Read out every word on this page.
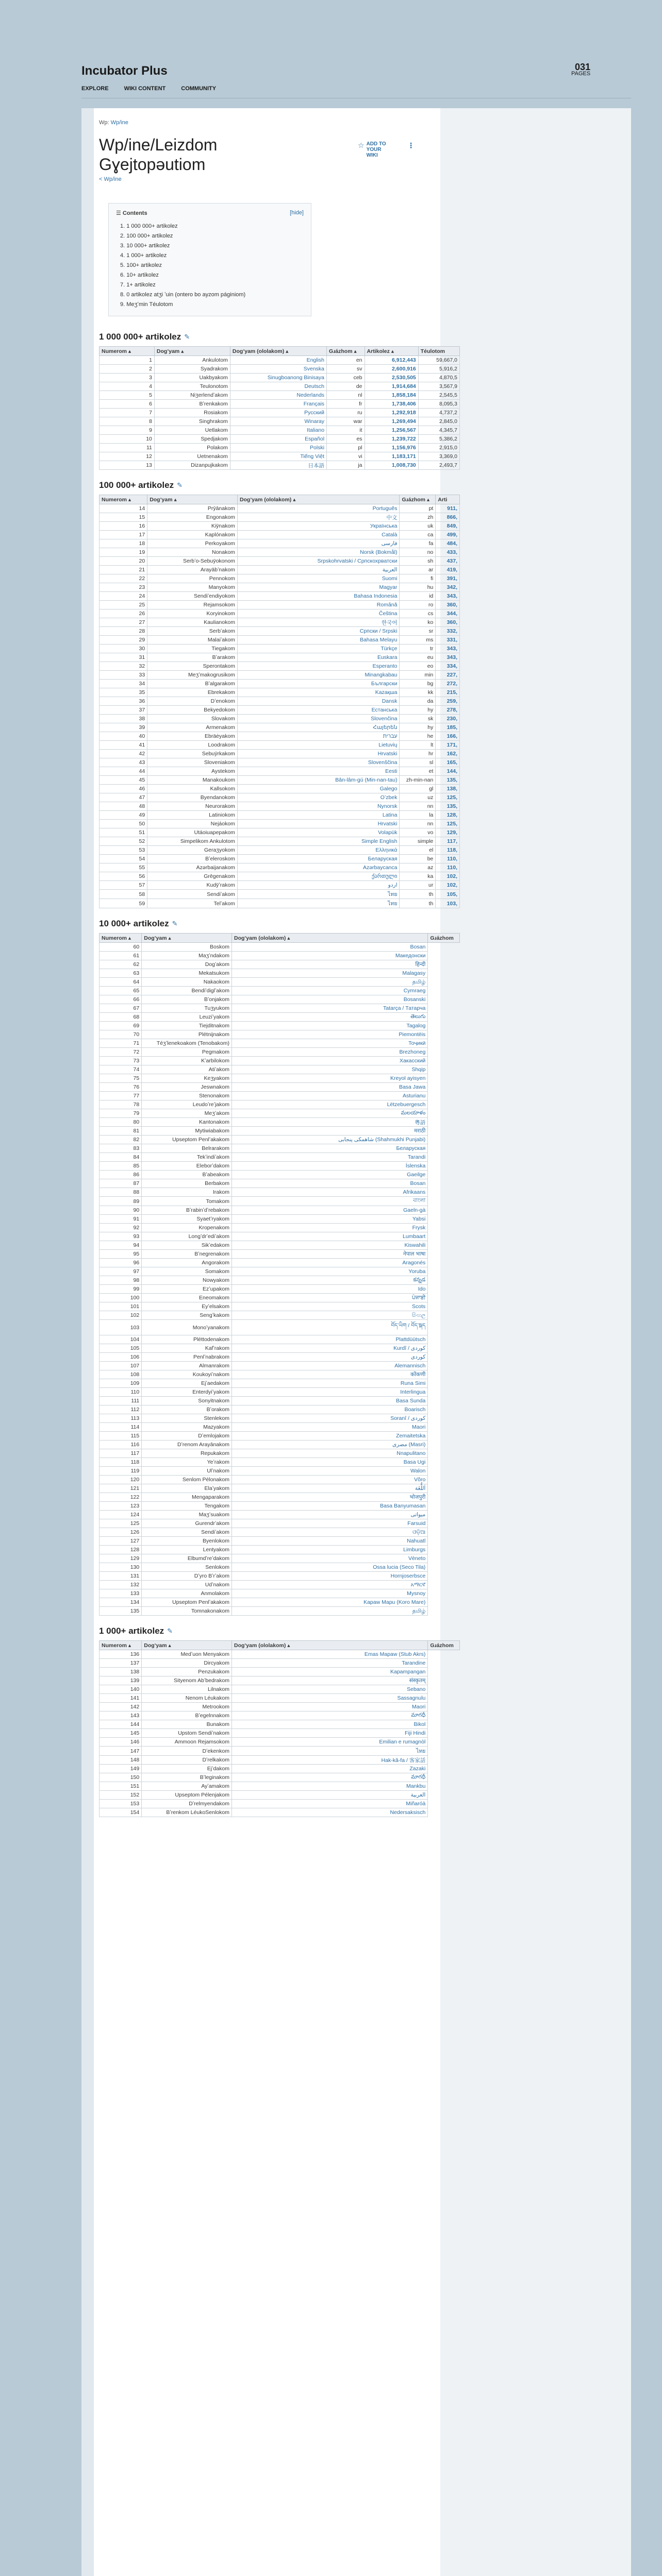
Incubator Plus
EXPLORE	WIKI CONTENT	COMMUNITY
031
PAGES
Wp: Wp/ine
Wp/ine/Leizdom Gɣejtopəutiom
< Wp/ine
☆ ADD TO YOUR WIKI
⋮
☰ Contents	[hide]
1. 1 000 000+ artikolez
2. 100 000+ artikolez
3. 10 000+ artikolez
4. 1 000+ artikolez
5. 100+ artikolez
6. 10+ artikolez
7. 1+ artikolez
8. 0 artikolez atʒi ʼuin (ontero bo ayzom páginiom)
9. Meʒʼmin Téulotom
1 000 000+ artikolez ✎
Numerom ▴	Dogʼyam ▴	Dogʼyam (ololakom) ▴	Gɹázhom ▴	Artikolez ▴	Téulotom
1	Ankulotom	English	en	6,912,443	59,667,0
2	Syadrakom	Svenska	sv	2,600,916	5,916,2
3	Uakbyakom	Sinugboanong Binisaya	ceb	2,530,505	4,870,5
4	Teulonotom	Deutsch	de	1,914,684	3,567,9
5	Niʒerlendʼakom	Nederlands	nl	1,858,184	2,545,5
6	Bʼrenkakom	Français	fr	1,738,406	8,095,3
7	Rosiakom	Русский	ru	1,292,918	4,737,2
8	Singhrakom	Winaray	war	1,269,494	2,845,0
9	Uetlakom	Italiano	it	1,256,567	4,345,7
10	Spedjakom	Español	es	1,239,722	5,386,2
11	Polakom	Polski	pl	1,156,976	2,915,0
12	Uetnenakom	Tiếng Việt	vi	1,183,171	3,369,0
13	Dizanpujkakom	日本語	ja	1,008,730	2,493,7
100 000+ artikolez ✎
Numerom ▴	Dogʼyam ▴	Dogʼyam (ololakom) ▴	Gɹázhom ▴	Arti
14	Prȳānakom	Português	pt	911,
15	Engonakom	中文	zh	866,
16	Kiȳnakom	Українська	uk	849,
17	Kaplónakom	Català	ca	499,
18	Perkoyakom	فارسی	fa	484,
19	Nonakom	Norsk (Bokmål)	no	433,
20	Serbʼo-Sebuȳokonom	Srpskohrvatski / Српскохрватски	sh	437,
21	Arayābʼnakom	العربية	ar	419,
22	Pennokom	Suomi	fi	391,
23	Manyokom	Magyar	hu	342,
24	Sendiʼendiyokom	Bahasa Indonesia	id	343,
25	Rejamsokom	Română	ro	360,
26	Koryinokom	Čeština	cs	344,
27	Kaulianokom	한국어	ko	360,
28	Serbʼakom	Српски / Srpski	sr	332,
29	Malaiʼakom	Bahasa Melayu	ms	331,
30	Tiegakom	Türkçe	tr	343,
31	Bʼarakom	Euskara	eu	343,
32	Sperontakom	Esperanto	eo	334,
33	Meʒʼmakogrusikom	Minangkabau	min	227,
34	Bʼalgarakom	Български	bg	272,
35	Ebrekakom	Kazақша	kk	215,
36	Dʼenokom	Dansk	da	259,
37	Bekyedokom	Естанська	hy	278,
38	Slovakom	Slovenčina	sk	230,
39	Armenakom	Հայերեն	hy	185,
40	Ebräėyakom	עברית	he	166,
41	Loodrakom	Lietuvių	lt	171,
42	Sebuȳrkakom	Hrvatski	hr	162,
43	Sloveniakom	Slovenščina	sl	165,
44	Aystekom	Eesti	et	144,
45	Manakoukom	Bân-lâm-gú (Min-nan-tau)	zh-min-nan	135,
46	Kallsokom	Galego	gl	138,
47	Byendanokom	Oʼzbek	uz	125,
48	Neurorakom	Nynorsk	nn	135,
49	Latiniokom	Latina	la	128,
50	Nejáokom	Hrvatski	nn	125,
51	Utáoiuapepakom	Volapük	vo	129,
52	Simpelikom Ankulotom	Simple English	simple	117,
53	Geraʒyokom	Ελληνικά	el	118,
54	Bʼeleroskom	Беларуская	be	110,
55	Azərbaijanakom	Azərbaycanca	az	110,
56	Grēgenakom	ქართული	ka	102,
57	Kudȳʼrakom	اردو	ur	102,
58	Sendiʼakom	ไทย	th	105,
59	Telʼakom	ไทย	th	103,
10 000+ artikolez ✎
Numerom ▴	Dogʼyam ▴	Dogʼyam (ololakom) ▴	Gɹázhom
60	Boskom	Bosan	
61	Maʒʼndakom	Македонски	
62	Dogʼakom	हिन्दी	
63	Mekatsukom	Malagasy	
64	Nakaokom	தமிழ்	
65	Bendiʼdiglʼakom	Cymraeg	
66	Bʼonjakom	Bosanski	
67	Tuʒyukom	Tatarça / Татарча	
68	Leuziʼyakom	తెలుగు	
69	Tiejditnakom	Tagalog	
70	Plétnijnakom	Piemontèis	
71	Téʒʼlenekoakom (Tenobakom)	Тоҷикӣ	
72	Pegmakom	Brezhoneg	
73	Kʼarbilokom	Хакасский	
74	Atiʼakom	Shqip	
75	Keʒyakom	Kreyol ayisyen	
76	Jeswnakom	Basa Jawa	
77	Stenonakom	Asturianu	
78	Leudoʼreʼjakom	Lëtzebuergesch	
79	Meʒʼakom	మలయాళం	
80	Kantonakom	粵語	
81	Mytiwiabakom	मराठी	
82	Upseptom Penlʼakakom	شاهمکی پنجابی (Shahmukhi Punjabi)	
83	Belrarakom	Беларуская	
84	Tekʼindiʼakom	Tarandi	
85	Eleborʼdakom	Íslenska	
86	Bʼabeakom	Gaeilge	
87	Berbakom	Bosan	
88	Irakom	Afrikaans	
89	Tomakom	বাংলা	
90	Bʼrabinʼdʼrebakom	Gaeln-gà	
91	Syaetʼryakom	Yabsi	
92	Kropenakom	Frysk	
93	Longʼdrʼediʼakom	Lumbaart	
94	Sikʼedakom	Kiswahili	
95	Bʼnegrenakom	नेपाल भाषा	
96	Angorakom	Aragonés	
97	Somakom	Yoruba	
98	Nowyakom	కన్నడ	
99	Ezʼupakom	Ido	
100	Eneomakom	ਪੰਜਾਬੀ	
101	Eyʼelsakom	Scots	
102	Sengʼkakom	සිංහල	
103	Monoʼyanakom	བོད་ཡིག / བོད་སྐད	
104	Pléttodenakom	Plattdüütsch	
105	Kafʼrakom	Kurdî / كوردی	
106	Penlʼnabrakom	كوردی	
107	Almanrakom	Alemannisch	
108	Koukoyiʼnakom	कोंकणी	
109	Ejʼaedakom	Runa Simi	
110	Enterdyiʼyakom	Interlingua	
111	Sonyitnakom	Basa Sunda	
112	Bʼorakom	Boarisch	
113	Stenlekom	Soranî / کوردی	
114	Mazyakom	Maori	
115	Dʼemlojakom	Zemaitetska	
116	Dʼrenom Arayānakom	مصرى (Masri)	
117	Repukakom	Nnapulitano	
118	Yeʼrakom	Basa Ugi	
119	Ulʼnakom	Walon	
120	Senlom Pélonakom	Võro	
121	Elaʼyakom	اَللُّغَة	
122	Mengaparakom	भोजपुरी	
123	Tengakom	Basa Banyumasan	
124	Maʒʼsuakom	میواتی	
125	Gurendrʼakom	Farsuid	
126	Sendiʼakom	ଓଡ଼ିଆ	
127	Byenlokom	Nahuatl	
128	Lentyakom	Limburgs	
129	Elbumdʼreʼdakom	Vèneto	
130	Senlokom	Ossa lucia (Seco Tila)	
131	Dʼyro Bʼrʼakom	Hornjoserbsce	
132	Udʼnakom	አማርኛ	
133	Anmolakom	Mysnoy	
134	Upseptom Penlʼakakom	Kapaw Mapu (Koro Mare)	
135	Tomnakonakom	தமிழ்	
1 000+ artikolez ✎
Numerom ▴	Dogʼyam ▴	Dogʼyam (ololakom) ▴	Gɹázhom
136	Medʼuon Menyakom	Emas Mapaw (Stub Akrs)	
137	Dircyakom	Tarandine	
138	Penzukakom	Kapampangan	
139	Sityenom Abʼbedrakom	संस्कृतम्	
140	Lilnakom	Sebano	
141	Nenom Léukakom	Sassagnulu	
142	Metrookom	Maori	
143	Bʼegelnnakom	మాగధీ	
144	Bunakom	Bikol	
145	Upstom Sendiʼnakom	Fiji Hindi	
146	Ammoon Rejamsokom	Emilian e rumagnòl	
147	Dʼekenkom	ไทย	
148	Dʼrelkakom	Hak-kâ-fa / 客家話	
149	Ejʼdakom	Zazaki	
150	Bʼleginakom	మాగధీ	
151	Ayʼamakom	Mankbu	
152	Upseptom Pélenjakom	العربية	
153	Dʼrelmyendakom	Miñaróà	
154	Bʼrenkom LéukoSenlokom	Nedersaksisch	
